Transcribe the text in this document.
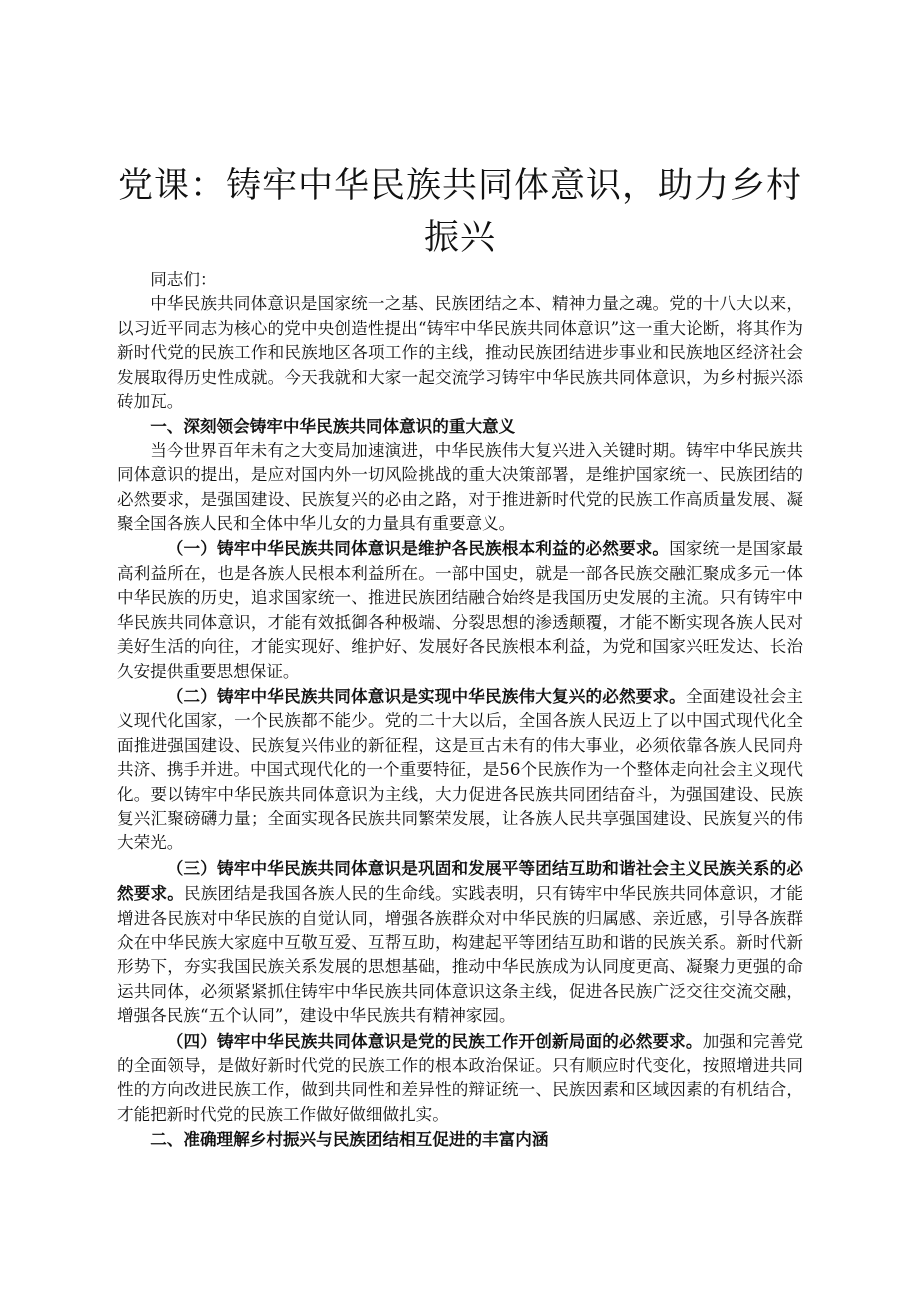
党课：铸牢中华民族共同体意识，助力乡村振兴

同志们：

中华民族共同体意识是国家统一之基、民族团结之本、精神力量之魂。党的十八大以来，以习近平同志为核心的党中央创造性提出“铸牢中华民族共同体意识”这一重大论断，将其作为新时代党的民族工作和民族地区各项工作的主线，推动民族团结进步事业和民族地区经济社会发展取得历史性成就。今天我就和大家一起交流学习铸牢中华民族共同体意识，为乡村振兴添砖加瓦。

一、深刻领会铸牢中华民族共同体意识的重大意义

当今世界百年未有之大变局加速演进，中华民族伟大复兴进入关键时期。铸牢中华民族共同体意识的提出，是应对国内外一切风险挑战的重大决策部署，是维护国家统一、民族团结的必然要求，是强国建设、民族复兴的必由之路，对于推进新时代党的民族工作高质量发展、凝聚全国各族人民和全体中华儿女的力量具有重要意义。

（一）铸牢中华民族共同体意识是维护各民族根本利益的必然要求。国家统一是国家最高利益所在，也是各族人民根本利益所在。一部中国史，就是一部各民族交融汇聚成多元一体中华民族的历史，追求国家统一、推进民族团结融合始终是我国历史发展的主流。只有铸牢中华民族共同体意识，才能有效抵御各种极端、分裂思想的渗透颠覆，才能不断实现各族人民对美好生活的向往，才能实现好、维护好、发展好各民族根本利益，为党和国家兴旺发达、长治久安提供重要思想保证。

（二）铸牢中华民族共同体意识是实现中华民族伟大复兴的必然要求。全面建设社会主义现代化国家，一个民族都不能少。党的二十大以后，全国各族人民迈上了以中国式现代化全面推进强国建设、民族复兴伟业的新征程，这是亘古未有的伟大事业，必须依靠各族人民同舟共济、携手并进。中国式现代化的一个重要特征，是56个民族作为一个整体走向社会主义现代化。要以铸牢中华民族共同体意识为主线，大力促进各民族共同团结奋斗，为强国建设、民族复兴汇聚磅礴力量；全面实现各民族共同繁荣发展，让各族人民共享强国建设、民族复兴的伟大荣光。

（三）铸牢中华民族共同体意识是巩固和发展平等团结互助和谐社会主义民族关系的必然要求。民族团结是我国各族人民的生命线。实践表明，只有铸牢中华民族共同体意识，才能增进各民族对中华民族的自觉认同，增强各族群众对中华民族的归属感、亲近感，引导各族群众在中华民族大家庭中互敬互爱、互帮互助，构建起平等团结互助和谐的民族关系。新时代新形势下，夯实我国民族关系发展的思想基础，推动中华民族成为认同度更高、凝聚力更强的命运共同体，必须紧紧抓住铸牢中华民族共同体意识这条主线，促进各民族广泛交往交流交融，增强各民族“五个认同”，建设中华民族共有精神家园。

（四）铸牢中华民族共同体意识是党的民族工作开创新局面的必然要求。加强和完善党的全面领导，是做好新时代党的民族工作的根本政治保证。只有顺应时代变化，按照增进共同性的方向改进民族工作，做到共同性和差异性的辩证统一、民族因素和区域因素的有机结合，才能把新时代党的民族工作做好做细做扎实。

二、准确理解乡村振兴与民族团结相互促进的丰富内涵
